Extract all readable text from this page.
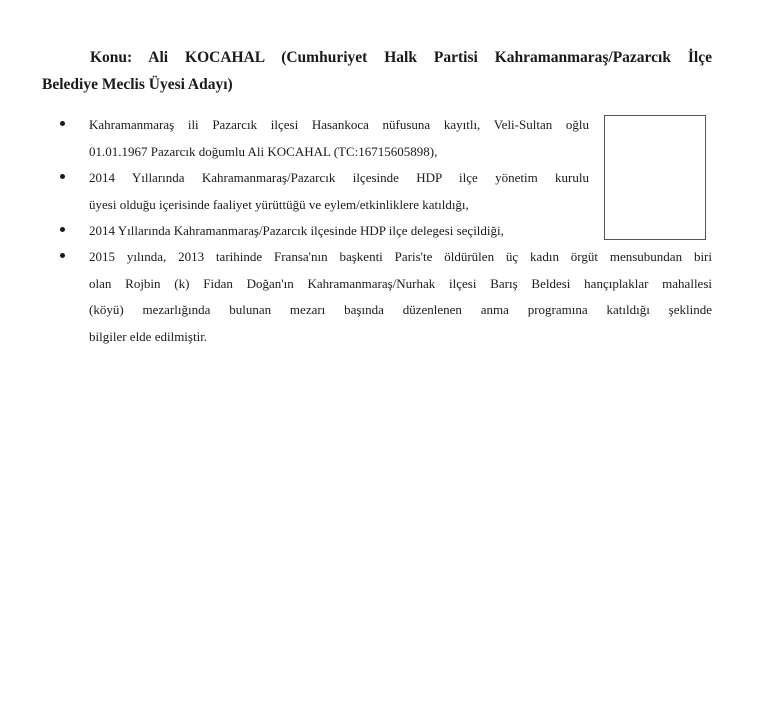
Konu: Ali KOCAHAL (Cumhuriyet Halk Partisi Kahramanmaraş/Pazarcık İlçe
Belediye Meclis Üyesi Adayı)
Kahramanmaraş ili Pazarcık ilçesi Hasankoca nüfusuna kayıtlı, Veli-Sultan oğlu
01.01.1967 Pazarcık doğumlu Ali KOCAHAL (TC:16715605898),
2014 Yıllarında Kahramanmaraş/Pazarcık ilçesinde HDP ilçe yönetim kurulu
üyesi olduğu içerisinde faaliyet yürüttüğü ve eylem/etkinliklere katıldığı,
2014 Yıllarında Kahramanmaraş/Pazarcık ilçesinde HDP ilçe delegesi seçildiği,
2015 yılında, 2013 tarihinde Fransa'nın başkenti Paris'te öldürülen üç kadın örgüt mensubundan biri
olan Rojbin (k) Fidan Doğan'ın Kahramanmaraş/Nurhak ilçesi Barış Beldesi hançıplaklar mahallesi
(köyü) mezarlığında bulunan mezarı başında düzenlenen anma programına katıldığı şeklinde
bilgiler elde edilmiştir.
